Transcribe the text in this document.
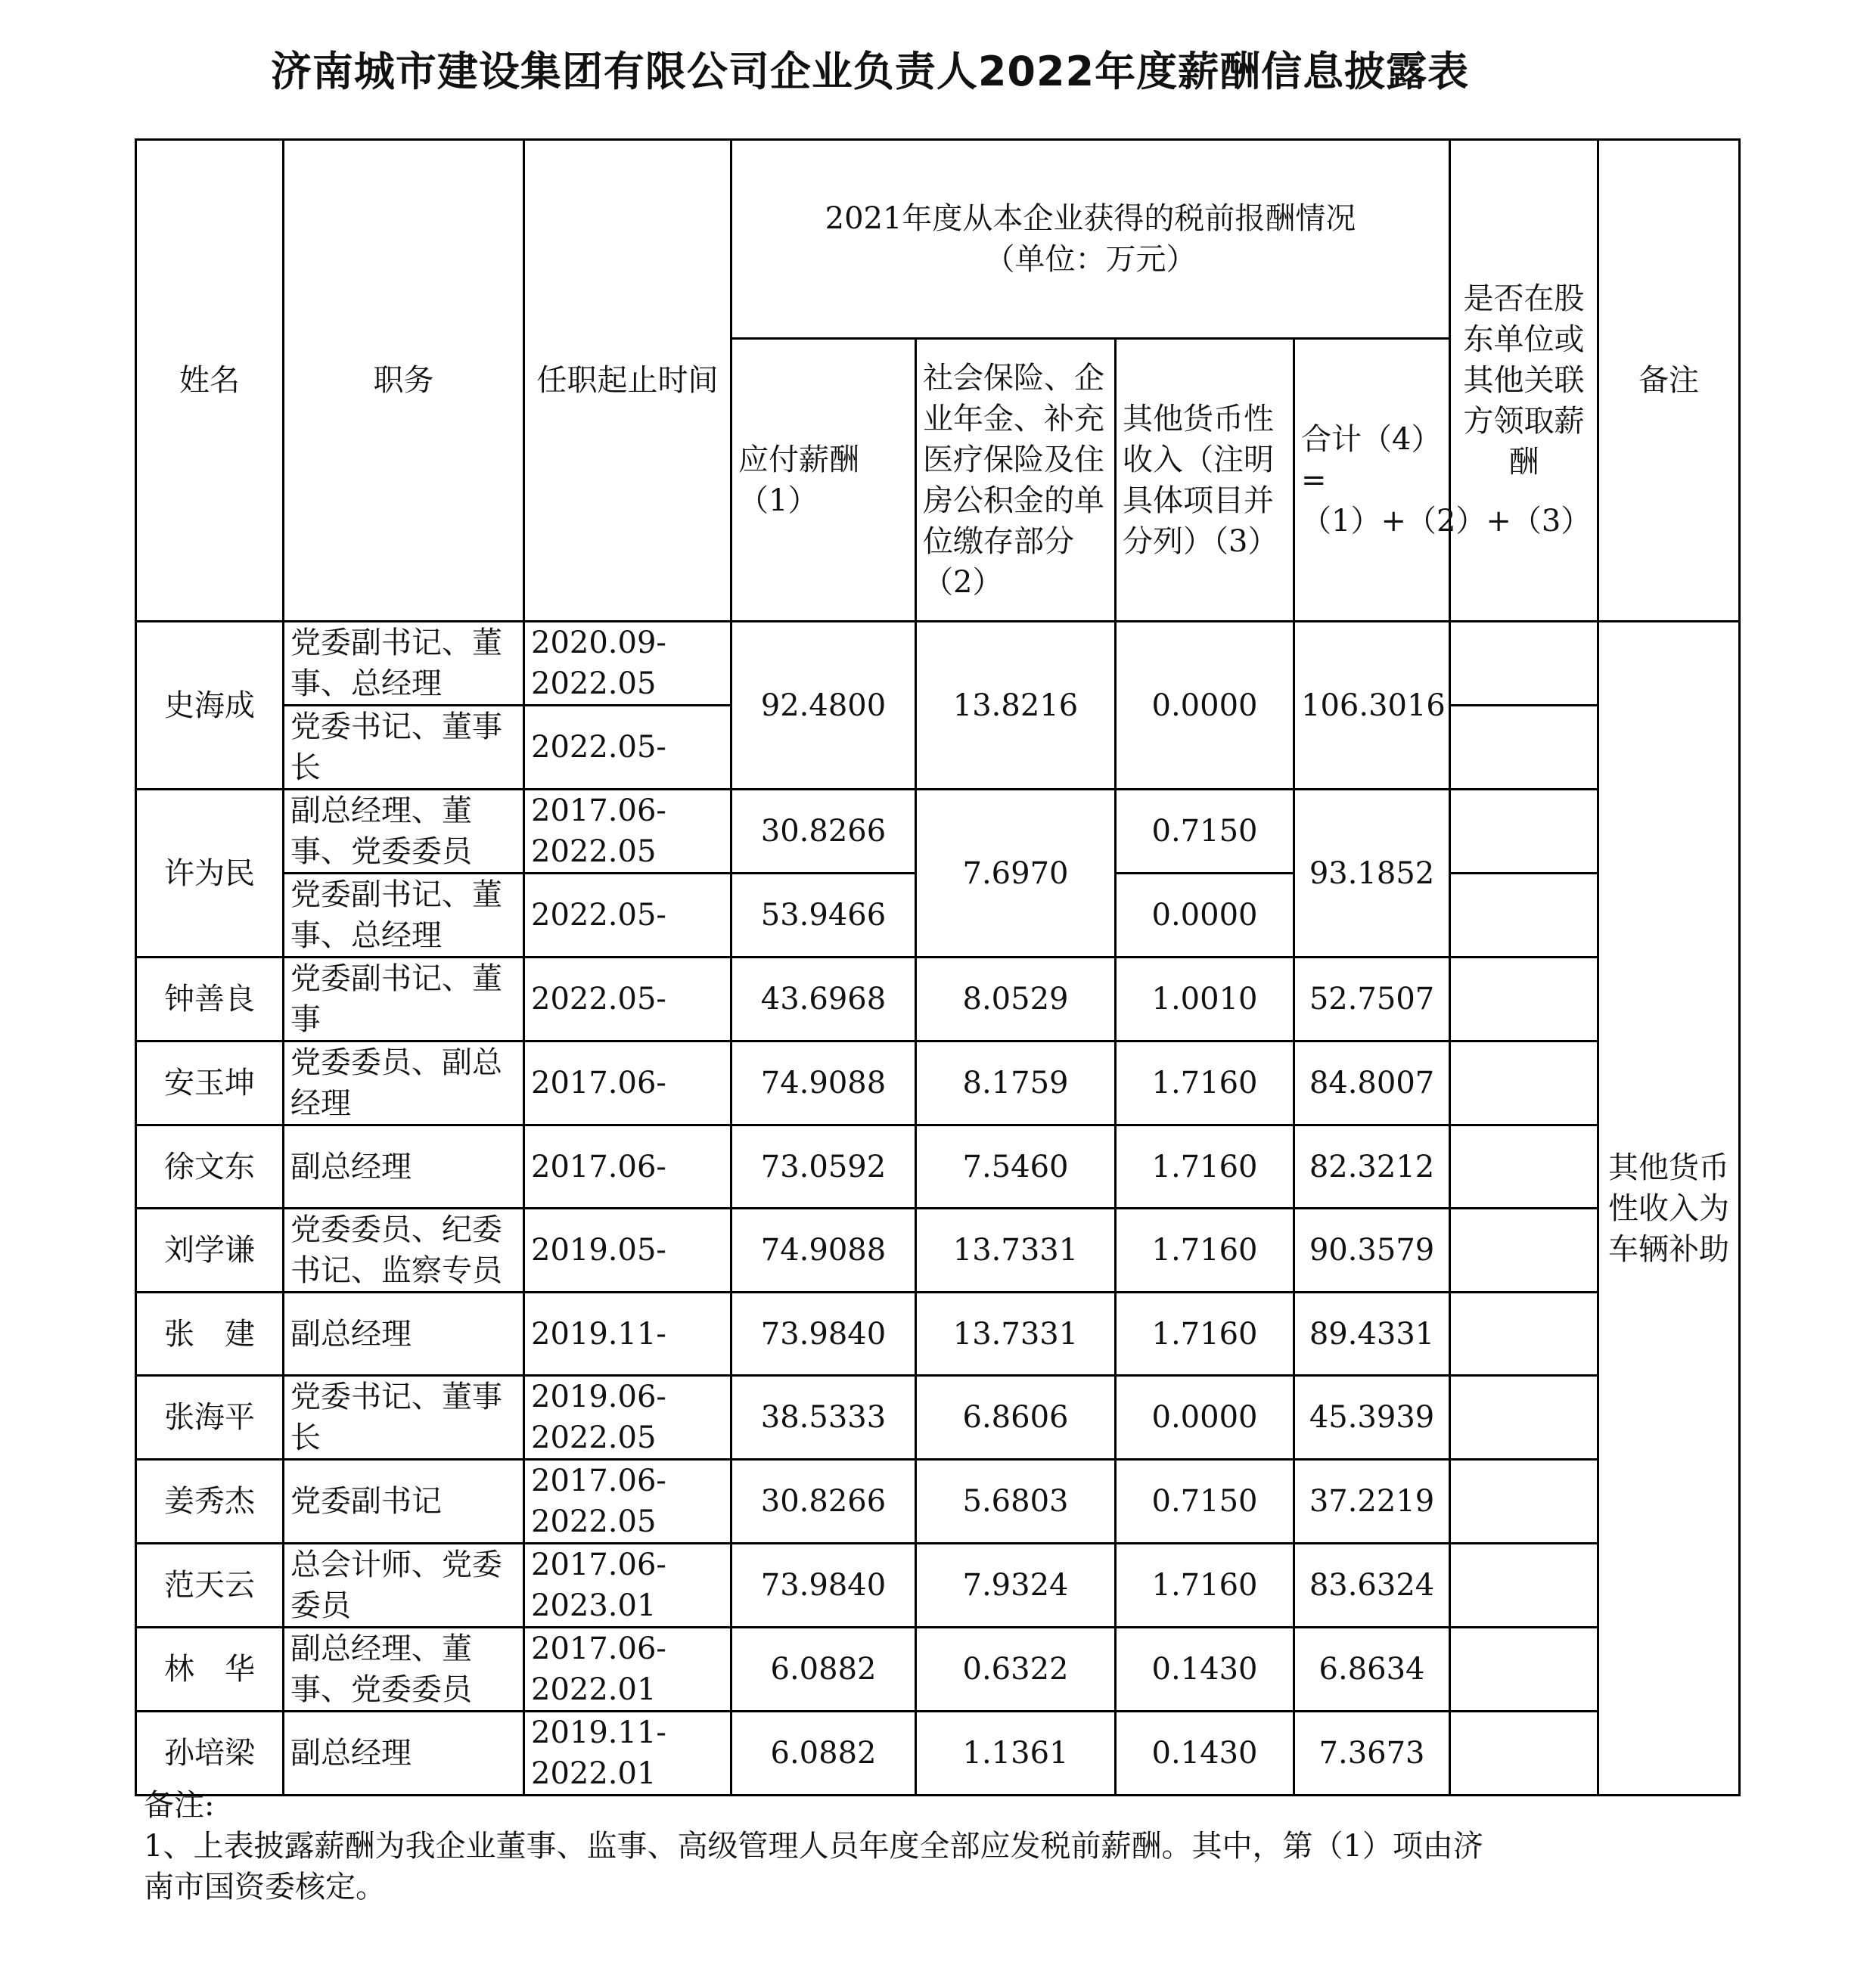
济南城市建设集团有限公司企业负责人2022年度薪酬信息披露表
姓名	职务	任职起止时间	2021年度从本企业获得的税前报酬情况
（单位：万元）				是否在股东单位或其他关联方领取薪酬	备注
			应付薪酬（1）	社会保险、企业年金、补充医疗保险及住房公积金的单位缴存部分（2）	其他货币性收入（注明具体项目并分列）（3）	合计（4）=（1）+（2）+（3）		
史海成	党委副书记、董事、总经理	2020.09-2022.05	92.4800	13.8216	0.0000	106.3016		其他货币性收入为车辆补助
	党委书记、董事长	2022.05-						
许为民	副总经理、董事、党委委员	2017.06-2022.05	30.8266	7.6970	0.7150	93.1852		
	党委副书记、董事、总经理	2022.05-	53.9466		0.0000			
钟善良	党委副书记、董事	2022.05-	43.6968	8.0529	1.0010	52.7507		
安玉坤	党委委员、副总经理	2017.06-	74.9088	8.1759	1.7160	84.8007		
徐文东	副总经理	2017.06-	73.0592	7.5460	1.7160	82.3212		
刘学谦	党委委员、纪委书记、监察专员	2019.05-	74.9088	13.7331	1.7160	90.3579		
张　建	副总经理	2019.11-	73.9840	13.7331	1.7160	89.4331		
张海平	党委书记、董事长	2019.06-2022.05	38.5333	6.8606	0.0000	45.3939		
姜秀杰	党委副书记	2017.06-2022.05	30.8266	5.6803	0.7150	37.2219		
范天云	总会计师、党委委员	2017.06-2023.01	73.9840	7.9324	1.7160	83.6324		
林　华	副总经理、董事、党委委员	2017.06-2022.01	6.0882	0.6322	0.1430	6.8634		
孙培梁	副总经理	2019.11-2022.01	6.0882	1.1361	0.1430	7.3673		
备注:
1、上表披露薪酬为我企业董事、监事、高级管理人员年度全部应发税前薪酬。其中，第（1）项由济
南市国资委核定。
